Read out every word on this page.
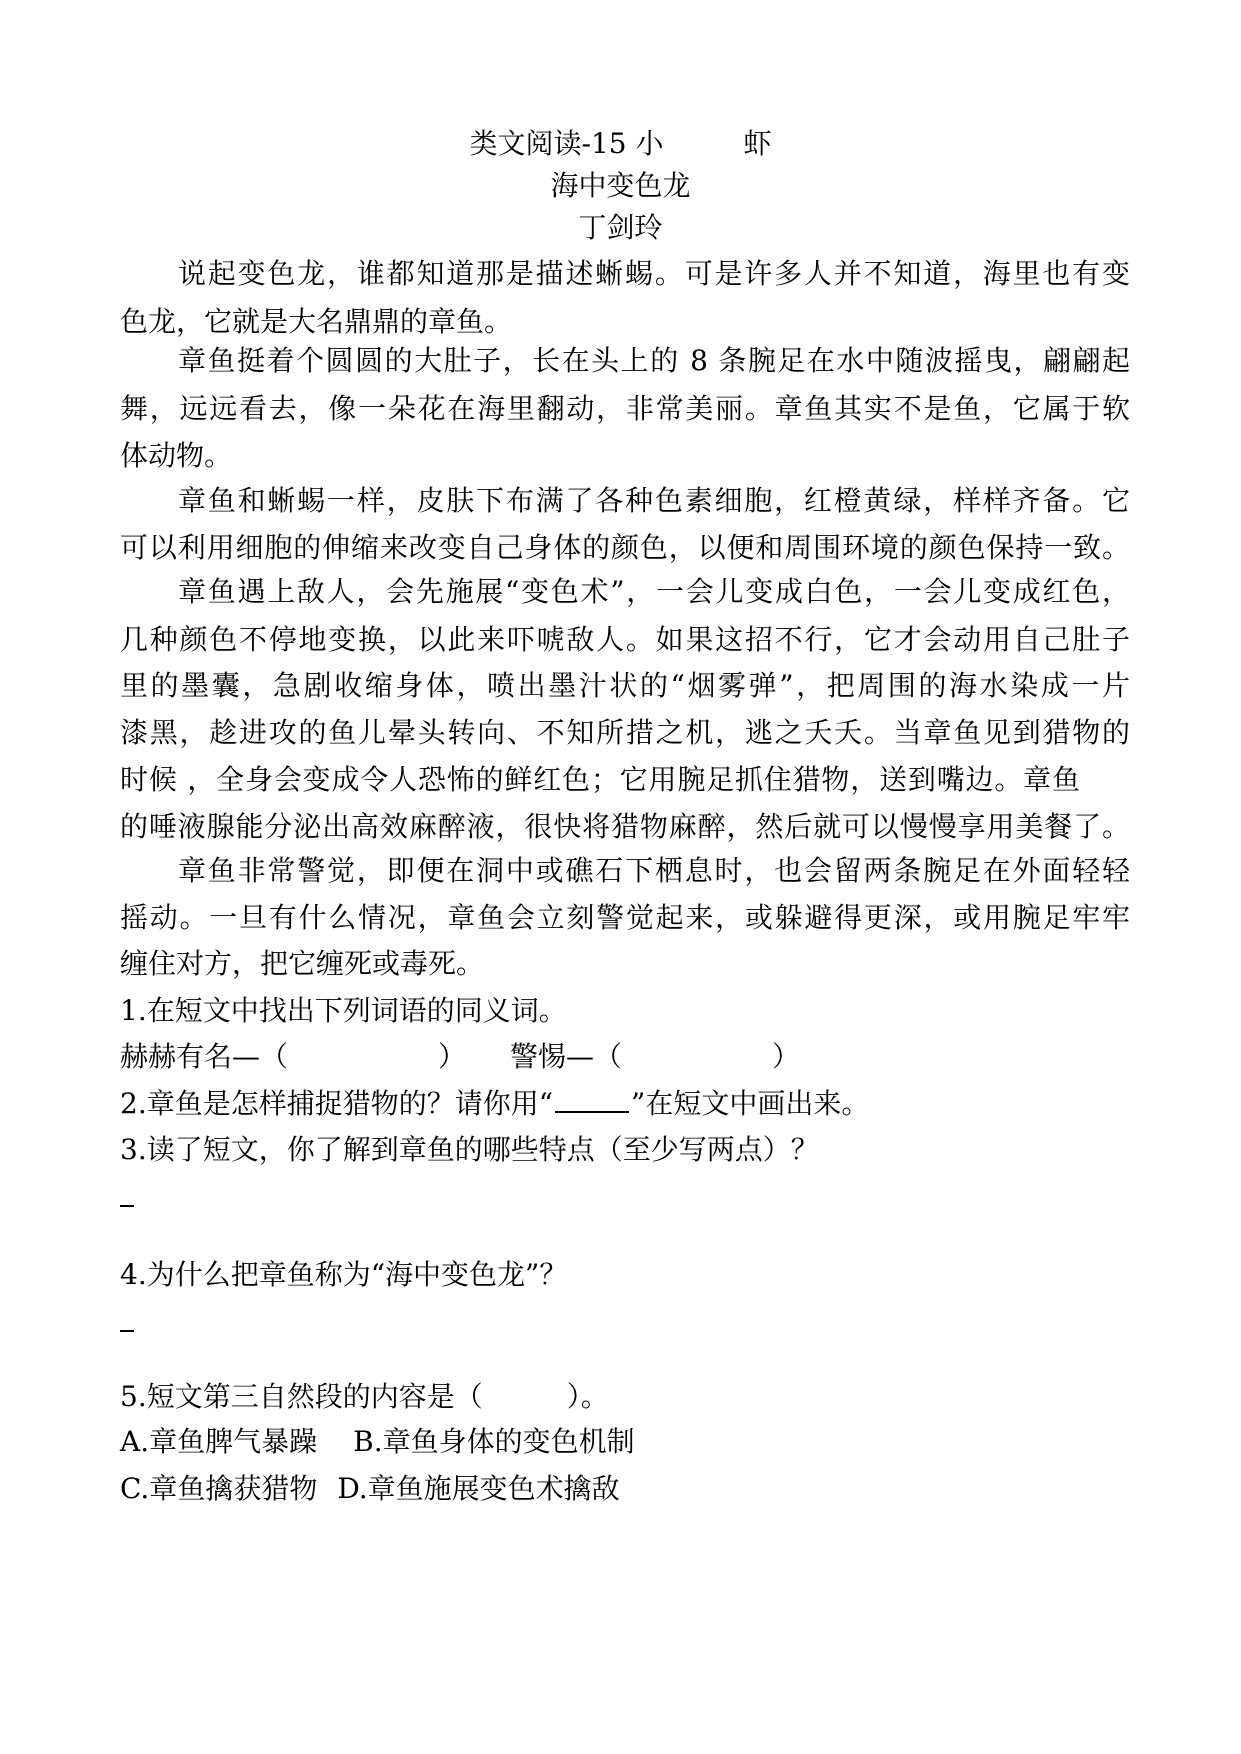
类文阅读-15 小	虾
海中变色龙
丁剑玲
说起变色龙，谁都知道那是描述蜥蜴。可是许多人并不知道，海里也有变
色龙，它就是大名鼎鼎的章鱼。
章鱼挺着个圆圆的大肚子，长在头上的 8 条腕足在水中随波摇曳，翩翩起
舞，远远看去，像一朵花在海里翻动，非常美丽。章鱼其实不是鱼，它属于软
体动物。
章鱼和蜥蜴一样，皮肤下布满了各种色素细胞，红橙黄绿，样样齐备。它
可以利用细胞的伸缩来改变自己身体的颜色，以便和周围环境的颜色保持一致。
章鱼遇上敌人，会先施展“变色术”，一会儿变成白色，一会儿变成红色，
几种颜色不停地变换，以此来吓唬敌人。如果这招不行，它才会动用自己肚子
里的墨囊，急剧收缩身体，喷出墨汁状的“烟雾弹”，把周围的海水染成一片
漆黑，趁进攻的鱼儿晕头转向、不知所措之机，逃之夭夭。当章鱼见到猎物的
时候 ，全身会变成令人恐怖的鲜红色；它用腕足抓住猎物，送到嘴边。章鱼
的唾液腺能分泌出高效麻醉液，很快将猎物麻醉，然后就可以慢慢享用美餐了。
章鱼非常警觉，即便在洞中或礁石下栖息时，也会留两条腕足在外面轻轻
摇动。一旦有什么情况，章鱼会立刻警觉起来，或躲避得更深，或用腕足牢牢
缠住对方，把它缠死或毒死。
1.在短文中找出下列词语的同义词。
赫赫有名—（	） 警惕—（	）
2.章鱼是怎样捕捉猎物的？请你用“	”在短文中画出来。
3.读了短文，你了解到章鱼的哪些特点（至少写两点）？
4.为什么把章鱼称为“海中变色龙”？
5.短文第三自然段的内容是（　　　）。
A.章鱼脾气暴躁 B.章鱼身体的变色机制
C.章鱼擒获猎物 D.章鱼施展变色术擒敌
